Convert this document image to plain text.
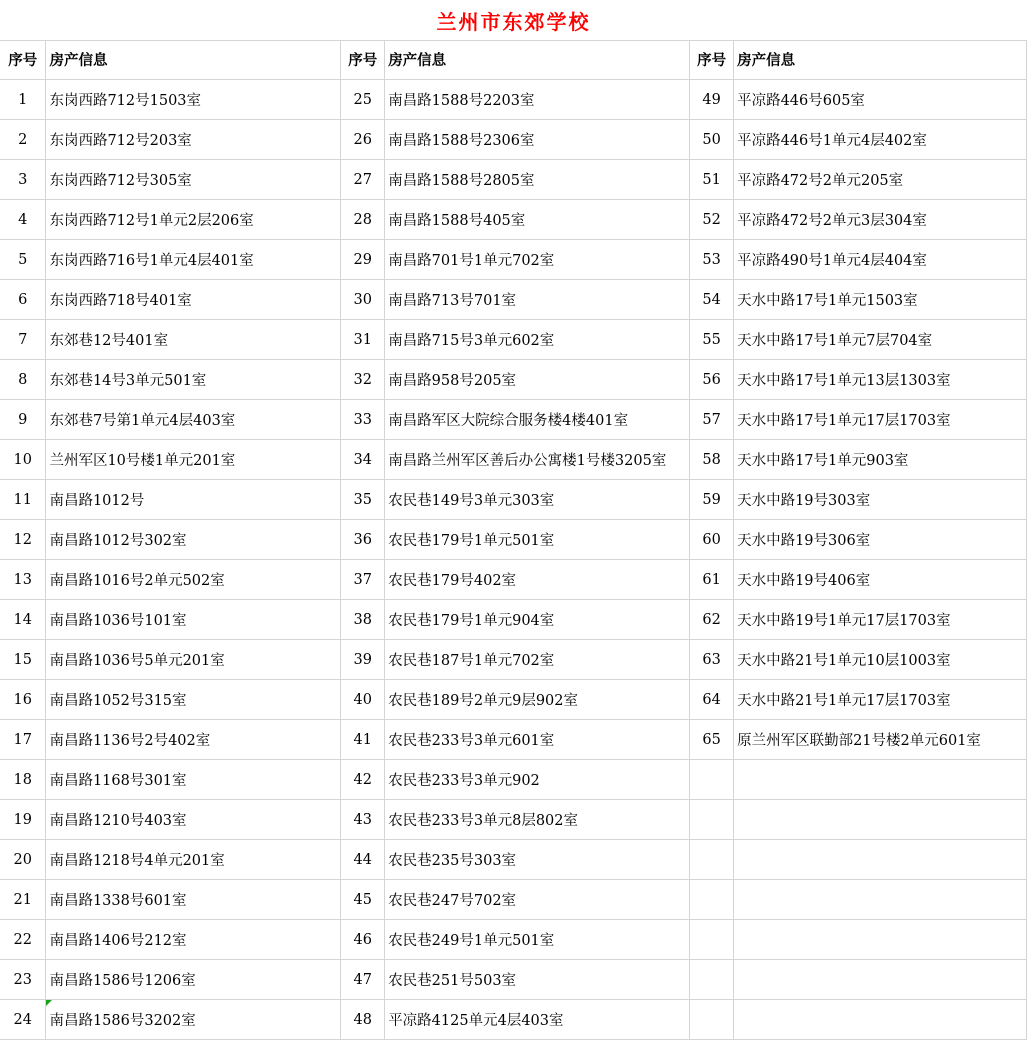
兰州市东郊学校
序号	房产信息	序号	房产信息	序号	房产信息
1	东岗西路712号1503室	25	南昌路1588号2203室	49	平凉路446号605室
2	东岗西路712号203室	26	南昌路1588号2306室	50	平凉路446号1单元4层402室
3	东岗西路712号305室	27	南昌路1588号2805室	51	平凉路472号2单元205室
4	东岗西路712号1单元2层206室	28	南昌路1588号405室	52	平凉路472号2单元3层304室
5	东岗西路716号1单元4层401室	29	南昌路701号1单元702室	53	平凉路490号1单元4层404室
6	东岗西路718号401室	30	南昌路713号701室	54	天水中路17号1单元1503室
7	东郊巷12号401室	31	南昌路715号3单元602室	55	天水中路17号1单元7层704室
8	东郊巷14号3单元501室	32	南昌路958号205室	56	天水中路17号1单元13层1303室
9	东郊巷7号第1单元4层403室	33	南昌路军区大院综合服务楼4楼401室	57	天水中路17号1单元17层1703室
10	兰州军区10号楼1单元201室	34	南昌路兰州军区善后办公寓楼1号楼3205室	58	天水中路17号1单元903室
11	南昌路1012号	35	农民巷149号3单元303室	59	天水中路19号303室
12	南昌路1012号302室	36	农民巷179号1单元501室	60	天水中路19号306室
13	南昌路1016号2单元502室	37	农民巷179号402室	61	天水中路19号406室
14	南昌路1036号101室	38	农民巷179号1单元904室	62	天水中路19号1单元17层1703室
15	南昌路1036号5单元201室	39	农民巷187号1单元702室	63	天水中路21号1单元10层1003室
16	南昌路1052号315室	40	农民巷189号2单元9层902室	64	天水中路21号1单元17层1703室
17	南昌路1136号2号402室	41	农民巷233号3单元601室	65	原兰州军区联勤部21号楼2单元601室
18	南昌路1168号301室	42	农民巷233号3单元902		
19	南昌路1210号403室	43	农民巷233号3单元8层802室		
20	南昌路1218号4单元201室	44	农民巷235号303室		
21	南昌路1338号601室	45	农民巷247号702室		
22	南昌路1406号212室	46	农民巷249号1单元501室		
23	南昌路1586号1206室	47	农民巷251号503室		
24	南昌路1586号3202室	48	平凉路4125单元4层403室		
